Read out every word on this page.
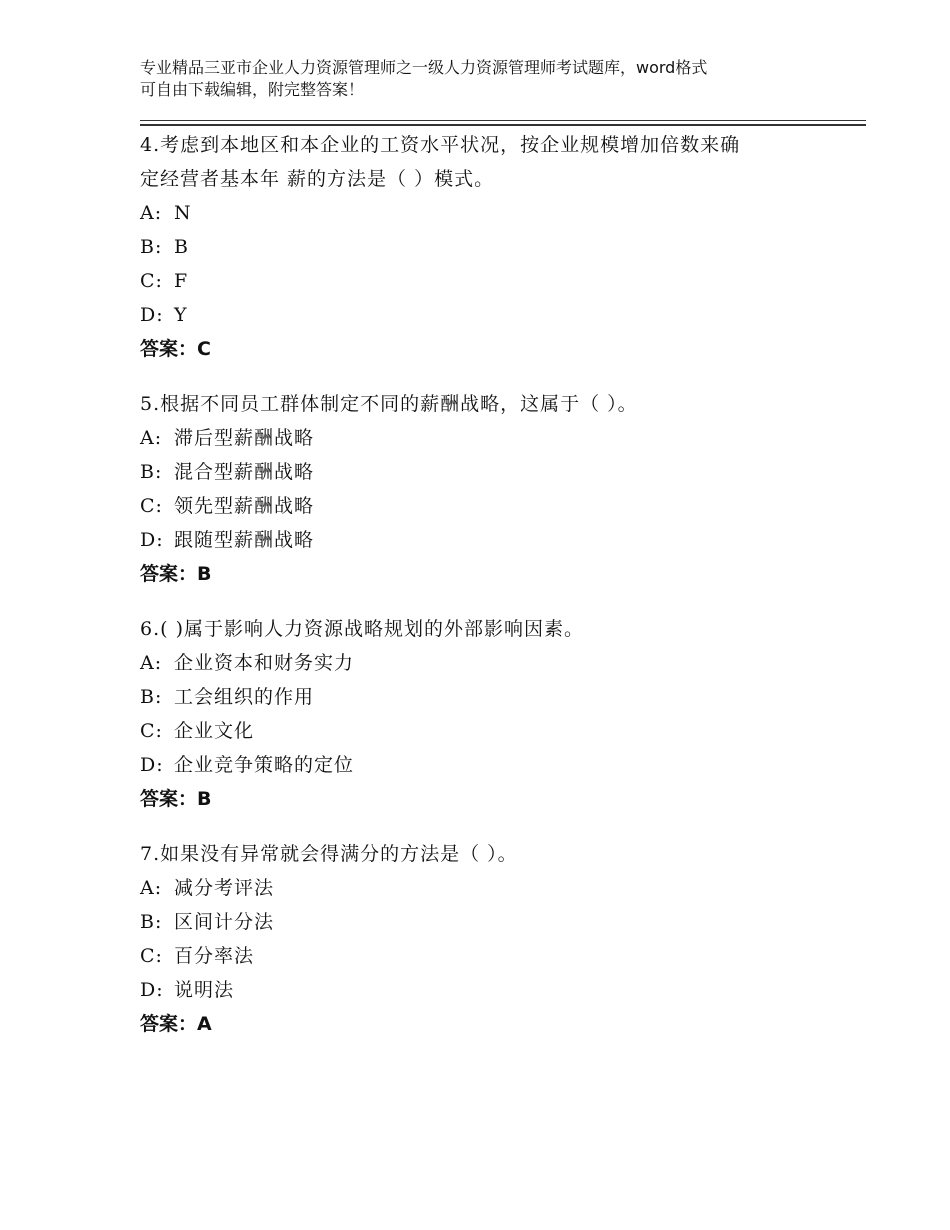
专业精品三亚市企业人力资源管理师之一级人力资源管理师考试题库，word格式
可自由下载编辑，附完整答案！
4.考虑到本地区和本企业的工资水平状况，按企业规模增加倍数来确
定经营者基本年 薪的方法是（ ）模式。
A: N
B: B
C: F
D: Y
答案：C
5.根据不同员工群体制定不同的薪酬战略，这属于（ ）。
A: 滞后型薪酬战略
B: 混合型薪酬战略
C: 领先型薪酬战略
D: 跟随型薪酬战略
答案：B
6.( )属于影响人力资源战略规划的外部影响因素。
A: 企业资本和财务实力
B: 工会组织的作用
C: 企业文化
D: 企业竞争策略的定位
答案：B
7.如果没有异常就会得满分的方法是（ ）。
A: 减分考评法
B: 区间计分法
C: 百分率法
D: 说明法
答案：A
